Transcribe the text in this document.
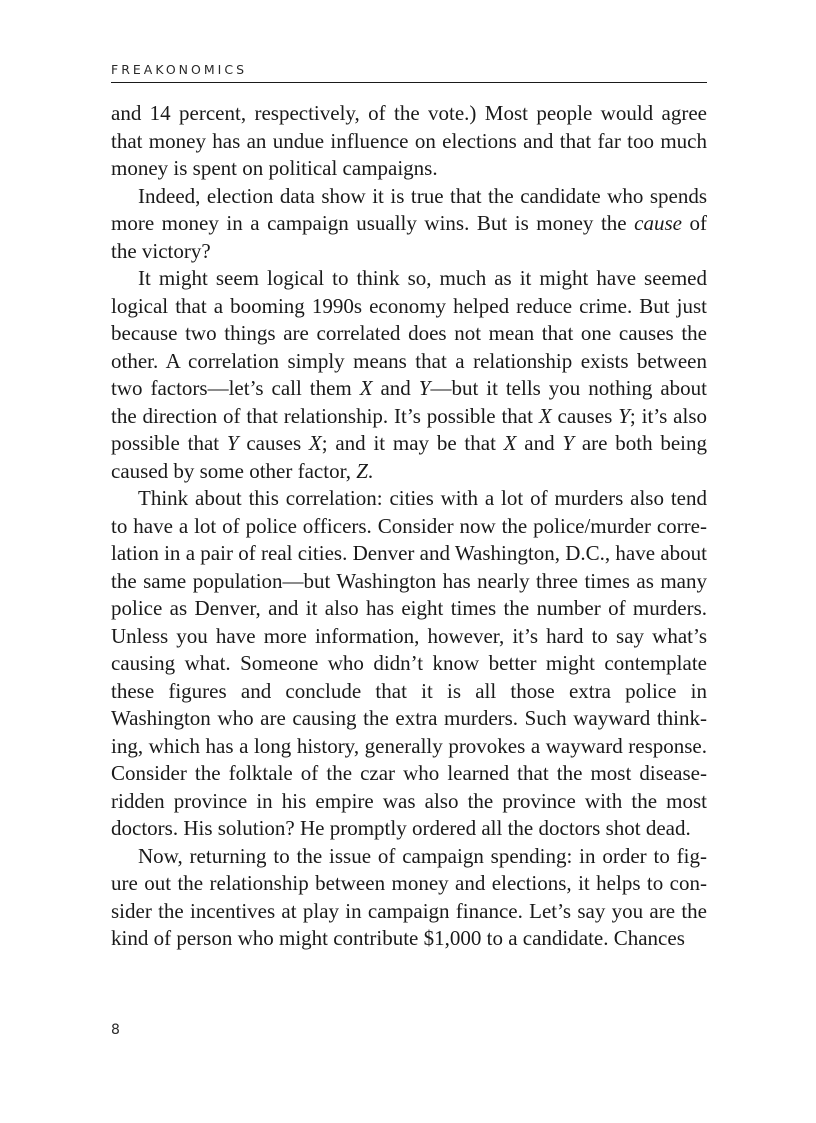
FREAKONOMICS

and 14 percent, respectively, of the vote.) Most people would agree that money has an undue influence on elections and that far too much money is spent on political campaigns.

Indeed, election data show it is true that the candidate who spends more money in a campaign usually wins. But is money the cause of the victory?

It might seem logical to think so, much as it might have seemed logical that a booming 1990s economy helped reduce crime. But just because two things are correlated does not mean that one causes the other. A correlation simply means that a relationship exists between two factors—let’s call them X and Y—but it tells you nothing about the direction of that relationship. It’s possible that X causes Y; it’s also possible that Y causes X; and it may be that X and Y are both being caused by some other factor, Z.

Think about this correlation: cities with a lot of murders also tend to have a lot of police officers. Consider now the police/murder correlation in a pair of real cities. Denver and Washington, D.C., have about the same population—but Washington has nearly three times as many police as Denver, and it also has eight times the number of murders. Unless you have more information, however, it’s hard to say what’s causing what. Someone who didn’t know better might contemplate these figures and conclude that it is all those extra police in Washington who are causing the extra murders. Such wayward thinking, which has a long history, generally provokes a wayward response. Consider the folktale of the czar who learned that the most disease-ridden province in his empire was also the province with the most doctors. His solution? He promptly ordered all the doctors shot dead.

Now, returning to the issue of campaign spending: in order to figure out the relationship between money and elections, it helps to consider the incentives at play in campaign finance. Let’s say you are the kind of person who might contribute $1,000 to a candidate. Chances

8
